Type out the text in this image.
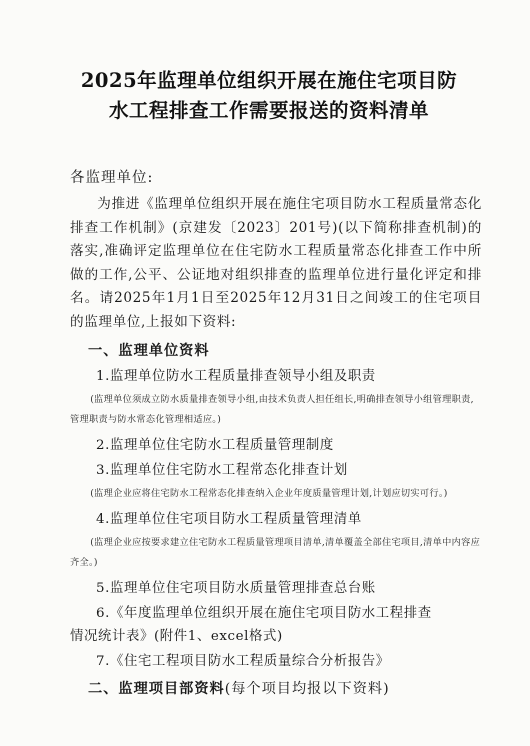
2025年监理单位组织开展在施住宅项目防
水工程排查工作需要报送的资料清单
各监理单位:

为推进《监理单位组织开展在施住宅项目防水工程质量常态化排查工作机制》(京建发〔2023〕201号)(以下简称排查机制)的落实,准确评定监理单位在住宅防水工程质量常态化排查工作中所做的工作,公平、公证地对组织排查的监理单位进行量化评定和排名。请2025年1月1日至2025年12月31日之间竣工的住宅项目的监理单位,上报如下资料:

一、监理单位资料
1.监理单位防水工程质量排查领导小组及职责
(监理单位须成立防水质量排查领导小组,由技术负责人担任组长,明确排查领导小组管理职责,管理职责与防水常态化管理相适应。)
2.监理单位住宅防水工程质量管理制度
3.监理单位住宅防水工程常态化排查计划
(监理企业应将住宅防水工程常态化排查纳入企业年度质量管理计划,计划应切实可行。)
4.监理单位住宅项目防水工程质量管理清单
(监理企业应按要求建立住宅防水工程质量管理项目清单,清单覆盖全部住宅项目,清单中内容应齐全。)
5.监理单位住宅项目防水质量管理排查总台账
6.《年度监理单位组织开展在施住宅项目防水工程排查
情况统计表》(附件1、excel格式)
7.《住宅工程项目防水工程质量综合分析报告》
二、监理项目部资料(每个项目均报以下资料)
